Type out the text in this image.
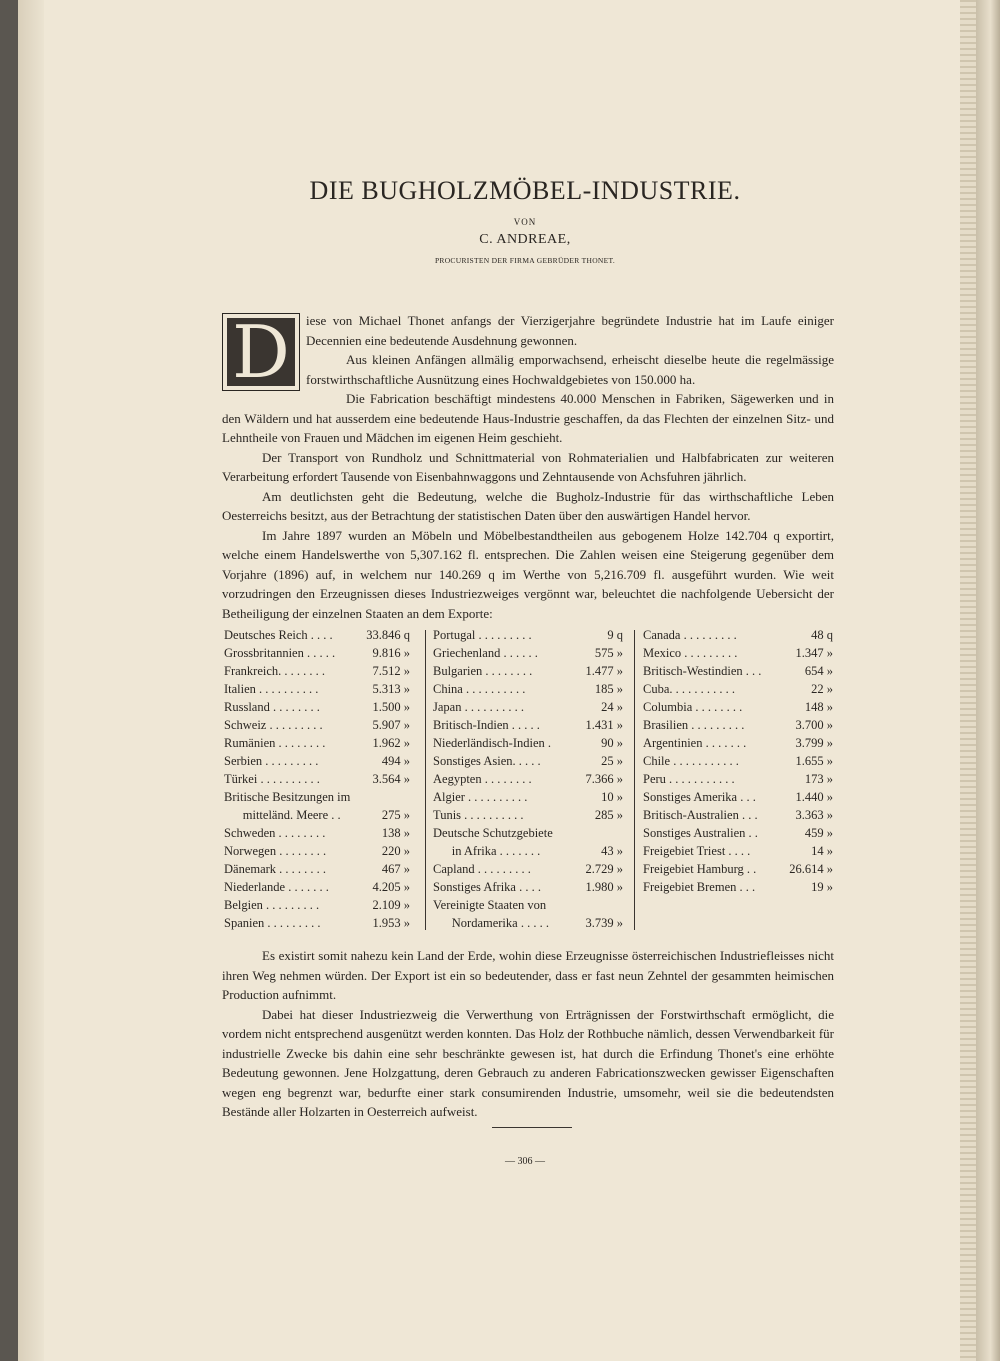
DIE BUGHOLZMÖBEL-INDUSTRIE.
VON
C. ANDREAE,
PROCURISTEN DER FIRMA GEBRÜDER THONET.
D	iese von Michael Thonet anfangs der Vierzigerjahre begründete Industrie hat im Laufe einiger Decennien eine bedeutende Ausdehnung gewonnen.

Aus kleinen Anfängen allmälig emporwachsend, erheischt dieselbe heute die regelmässige forstwirthschaftliche Ausnützung eines Hochwaldgebietes von 150.000 ha.

Die Fabrication beschäftigt mindestens 40.000 Menschen in Fabriken, Sägewerken und in den Wäldern und hat ausserdem eine bedeutende Haus-Industrie geschaffen, da das Flechten der einzelnen Sitz- und Lehntheile von Frauen und Mädchen im eigenen Heim geschieht.

Der Transport von Rundholz und Schnittmaterial von Rohmaterialien und Halbfabricaten zur weiteren Verarbeitung erfordert Tausende von Eisenbahnwaggons und Zehntausende von Achsfuhren jährlich.

Am deutlichsten geht die Bedeutung, welche die Bugholz-Industrie für das wirthschaftliche Leben Oesterreichs besitzt, aus der Betrachtung der statistischen Daten über den auswärtigen Handel hervor.

Im Jahre 1897 wurden an Möbeln und Möbelbestandtheilen aus gebogenem Holze 142.704 q exportirt, welche einem Handelswerthe von 5,307.162 fl. entsprechen. Die Zahlen weisen eine Steigerung gegenüber dem Vorjahre (1896) auf, in welchem nur 140.269 q im Werthe von 5,216.709 fl. ausgeführt wurden. Wie weit vorzudringen den Erzeugnissen dieses Industriezweiges vergönnt war, beleuchtet die nachfolgende Uebersicht der Betheiligung der einzelnen Staaten an dem Exporte:

Deutsches Reich . . . .	33.846 q
Grossbritannien . . . . .	9.816 »
Frankreich. . . . . . . .	7.512 »
Italien . . . . . . . . . .	5.313 »
Russland . . . . . . . .	1.500 »
Schweiz . . . . . . . . .	5.907 »
Rumänien . . . . . . . .	1.962 »
Serbien . . . . . . . . .	494 »
Türkei . . . . . . . . . .	3.564 »
Britische Besitzungen im
mitteländ. Meere . .	275 »
Schweden . . . . . . . .	138 »
Norwegen . . . . . . . .	220 »
Dänemark . . . . . . . .	467 »
Niederlande . . . . . . .	4.205 »
Belgien . . . . . . . . .	2.109 »
Spanien . . . . . . . . .	1.953 »
Portugal . . . . . . . . .	9 q
Griechenland . . . . . .	575 »
Bulgarien . . . . . . . .	1.477 »
China . . . . . . . . . .	185 »
Japan . . . . . . . . . .	24 »
Britisch-Indien . . . . .	1.431 »
Niederländisch-Indien .	90 »
Sonstiges Asien. . . . .	25 »
Aegypten . . . . . . . .	7.366 »
Algier . . . . . . . . . .	10 »
Tunis . . . . . . . . . .	285 »
Deutsche Schutzgebiete
in Afrika . . . . . . .	43 »
Capland . . . . . . . . .	2.729 »
Sonstiges Afrika . . . .	1.980 »
Vereinigte Staaten von
Nordamerika . . . . .	3.739 »
Canada . . . . . . . . .	48 q
Mexico . . . . . . . . .	1.347 »
Britisch-Westindien . . .	654 »
Cuba. . . . . . . . . . .	22 »
Columbia . . . . . . . .	148 »
Brasilien . . . . . . . . .	3.700 »
Argentinien . . . . . . .	3.799 »
Chile . . . . . . . . . . .	1.655 »
Peru . . . . . . . . . . .	173 »
Sonstiges Amerika . . .	1.440 »
Britisch-Australien . . .	3.363 »
Sonstiges Australien . .	459 »
Freigebiet Triest . . . .	14 »
Freigebiet Hamburg . .	26.614 »
Freigebiet Bremen . . .	19 »

Es existirt somit nahezu kein Land der Erde, wohin diese Erzeugnisse österreichischen Industriefleisses nicht ihren Weg nehmen würden. Der Export ist ein so bedeutender, dass er fast neun Zehntel der gesammten heimischen Production aufnimmt.

Dabei hat dieser Industriezweig die Verwerthung von Erträgnissen der Forstwirthschaft ermöglicht, die vordem nicht entsprechend ausgenützt werden konnten. Das Holz der Rothbuche nämlich, dessen Verwendbarkeit für industrielle Zwecke bis dahin eine sehr beschränkte gewesen ist, hat durch die Erfindung Thonet's eine erhöhte Bedeutung gewonnen. Jene Holzgattung, deren Gebrauch zu anderen Fabricationszwecken gewisser Eigenschaften wegen eng begrenzt war, bedurfte einer stark consumirenden Industrie, umsomehr, weil sie die bedeutendsten Bestände aller Holzarten in Oesterreich aufweist.

— 306 —
